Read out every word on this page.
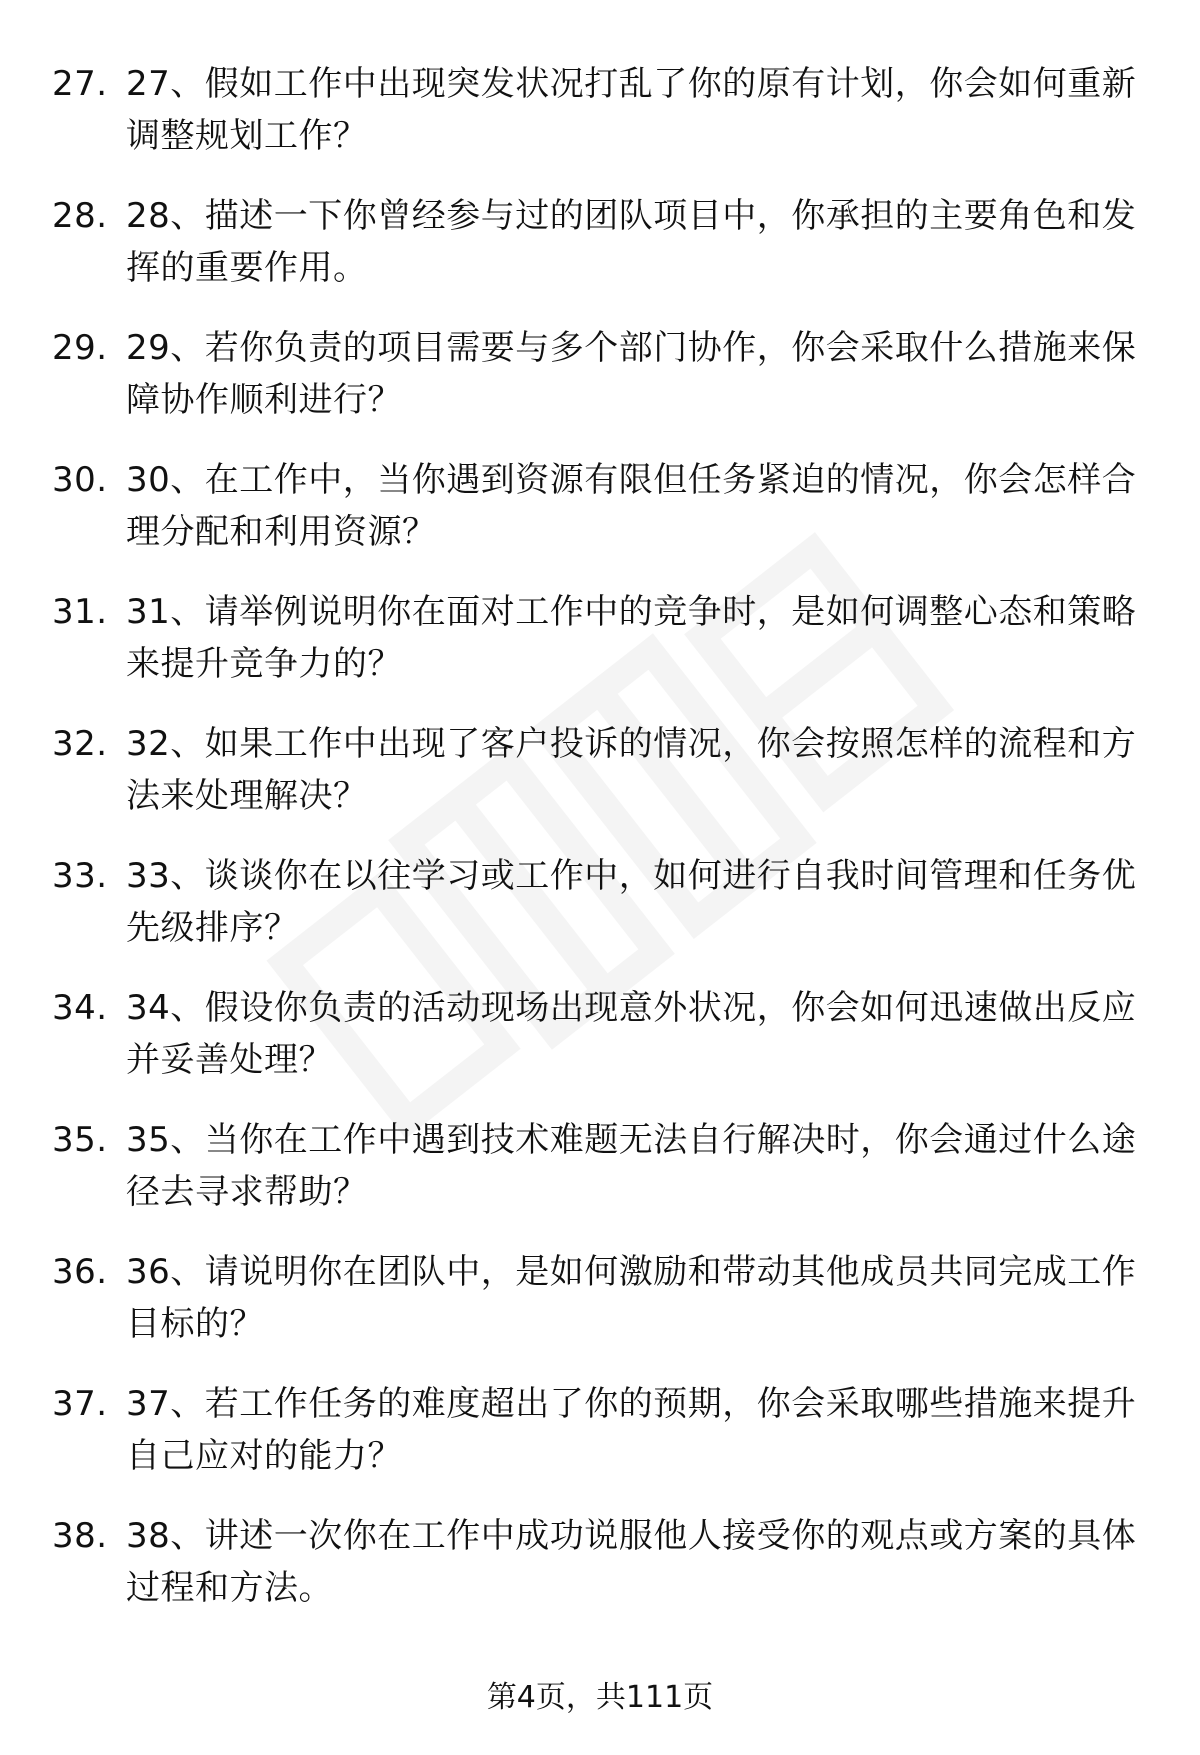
27. 27、假如工作中出现突发状况打乱了你的原有计划，你会如何重新调整规划工作？
28. 28、描述一下你曾经参与过的团队项目中，你承担的主要角色和发挥的重要作用。
29. 29、若你负责的项目需要与多个部门协作，你会采取什么措施来保障协作顺利进行？
30. 30、在工作中，当你遇到资源有限但任务紧迫的情况，你会怎样合理分配和利用资源？
31. 31、请举例说明你在面对工作中的竞争时，是如何调整心态和策略来提升竞争力的？
32. 32、如果工作中出现了客户投诉的情况，你会按照怎样的流程和方法来处理解决？
33. 33、谈谈你在以往学习或工作中，如何进行自我时间管理和任务优先级排序？
34. 34、假设你负责的活动现场出现意外状况，你会如何迅速做出反应并妥善处理？
35. 35、当你在工作中遇到技术难题无法自行解决时，你会通过什么途径去寻求帮助？
36. 36、请说明你在团队中，是如何激励和带动其他成员共同完成工作目标的？
37. 37、若工作任务的难度超出了你的预期，你会采取哪些措施来提升自己应对的能力？
38. 38、讲述一次你在工作中成功说服他人接受你的观点或方案的具体过程和方法。
第4页，共111页
